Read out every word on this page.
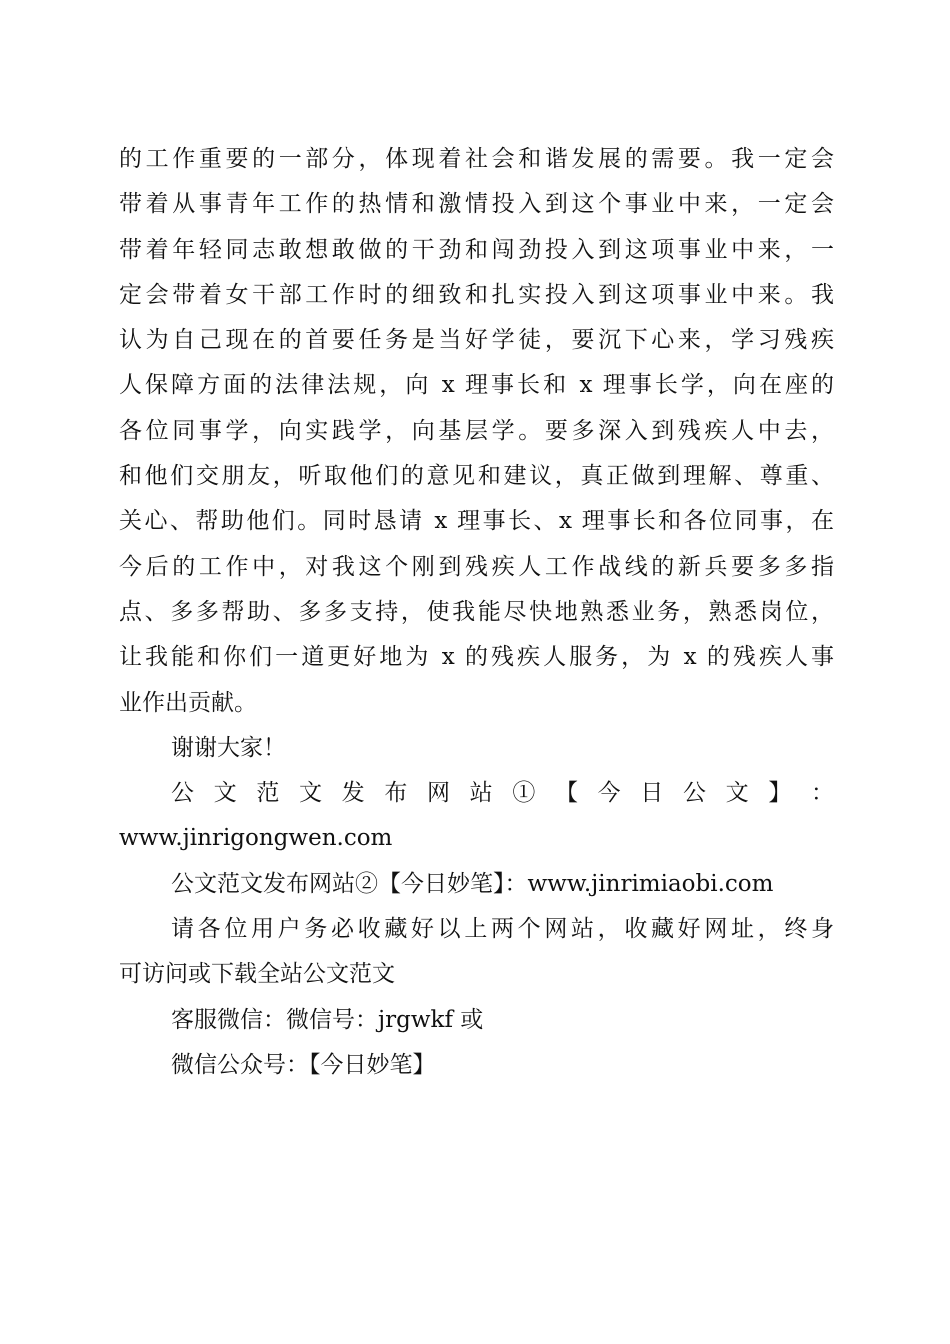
的工作重要的一部分，体现着社会和谐发展的需要。我一定会
带着从事青年工作的热情和激情投入到这个事业中来，一定会
带着年轻同志敢想敢做的干劲和闯劲投入到这项事业中来，一
定会带着女干部工作时的细致和扎实投入到这项事业中来。我
认为自己现在的首要任务是当好学徒，要沉下心来，学习残疾
人保障方面的法律法规，向 x 理事长和 x 理事长学，向在座的
各位同事学，向实践学，向基层学。要多深入到残疾人中去，
和他们交朋友，听取他们的意见和建议，真正做到理解、尊重、
关心、帮助他们。同时恳请 x 理事长、x 理事长和各位同事，在
今后的工作中，对我这个刚到残疾人工作战线的新兵要多多指
点、多多帮助、多多支持，使我能尽快地熟悉业务，熟悉岗位，
让我能和你们一道更好地为 x 的残疾人服务，为 x 的残疾人事
业作出贡献。
谢谢大家！
公 文 范 文 发 布 网 站 ① 【 今 日 公 文 】 ：
www.jinrigongwen.com
公文范文发布网站②【今日妙笔】：www.jinrimiaobi.com
请各位用户务必收藏好以上两个网站，收藏好网址，终身
可访问或下载全站公文范文
客服微信：微信号：jrgwkf 或
微信公众号：【今日妙笔】
